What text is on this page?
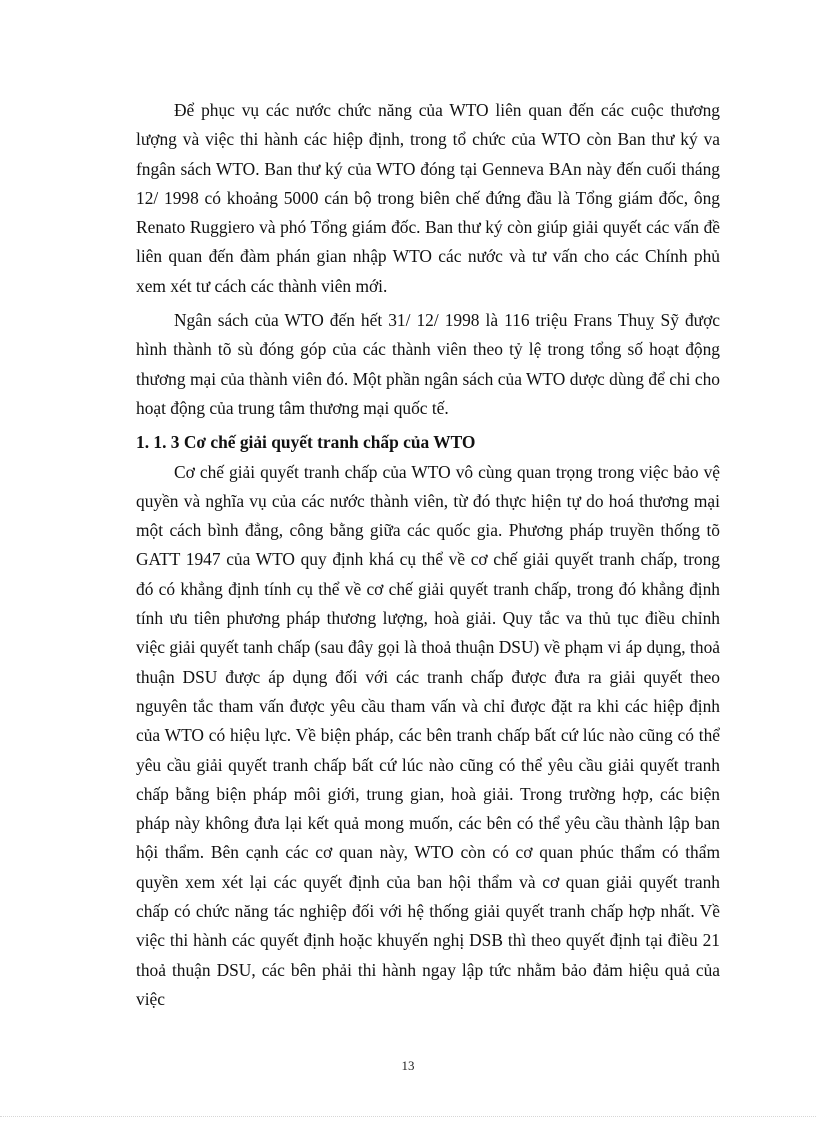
Để phục vụ các nước chức năng của WTO liên quan đến các cuộc thương lượng và việc thi hành các hiệp định, trong tổ chức của WTO còn Ban thư ký va fngân sách WTO. Ban thư ký của WTO đóng tại Genneva BAn này đến cuối tháng 12/ 1998 có khoảng 5000 cán bộ trong biên chế đứng đầu là Tổng giám đốc, ông Renato Ruggiero và phó Tổng giám đốc. Ban thư ký còn giúp giải quyết các vấn đề liên quan đến đàm phán gian nhập WTO các nước và tư vấn cho các Chính phủ xem xét tư cách các thành viên mới.

Ngân sách của WTO đến hết 31/ 12/ 1998 là 116 triệu Frans Thuỵ Sỹ được hình thành tõ sù đóng góp của các thành viên theo tỷ lệ trong tổng số hoạt động thương mại của thành viên đó. Một phần ngân sách của WTO dược dùng để chi cho hoạt động của trung tâm thương mại quốc tế.

1. 1. 3 Cơ chế giải quyết tranh chấp của WTO

Cơ chế giải quyết tranh chấp của WTO vô cùng quan trọng trong việc bảo vệ quyền và nghĩa vụ của các nước thành viên, từ đó thực hiện tự do hoá thương mại một cách bình đẳng, công bằng giữa các quốc gia. Phương pháp truyền thống tõ GATT 1947 của WTO quy định khá cụ thể về cơ chế giải quyết tranh chấp, trong đó có khẳng định tính cụ thể về cơ chế giải quyết tranh chấp, trong đó khẳng định tính ưu tiên phương pháp thương lượng, hoà giải. Quy tắc va thủ tục điều chỉnh việc giải quyết tanh chấp (sau đây gọi là thoả thuận DSU) về phạm vi áp dụng, thoả thuận DSU được áp dụng đối với các tranh chấp được đưa ra giải quyết theo nguyên tắc tham vấn được yêu cầu tham vấn và chỉ được đặt ra khi các hiệp định của WTO có hiệu lực. Về biện pháp, các bên tranh chấp bất cứ lúc nào cũng có thể yêu cầu giải quyết tranh chấp bất cứ lúc nào cũng có thể yêu cầu giải quyết tranh chấp bằng biện pháp môi giới, trung gian, hoà giải. Trong trường hợp, các biện pháp này không đưa lại kết quả mong muốn, các bên có thể yêu cầu thành lập ban hội thẩm. Bên cạnh các cơ quan này, WTO còn có cơ quan phúc thẩm có thẩm quyền xem xét lại các quyết định của ban hội thẩm và cơ quan giải quyết tranh chấp có chức năng tác nghiệp đối với hệ thống giải quyết tranh chấp hợp nhất. Về việc thi hành các quyết định hoặc khuyến nghị DSB thì theo quyết định tại điều 21 thoả thuận DSU, các bên phải thi hành ngay lập tức nhằm bảo đảm hiệu quả của việc

13
